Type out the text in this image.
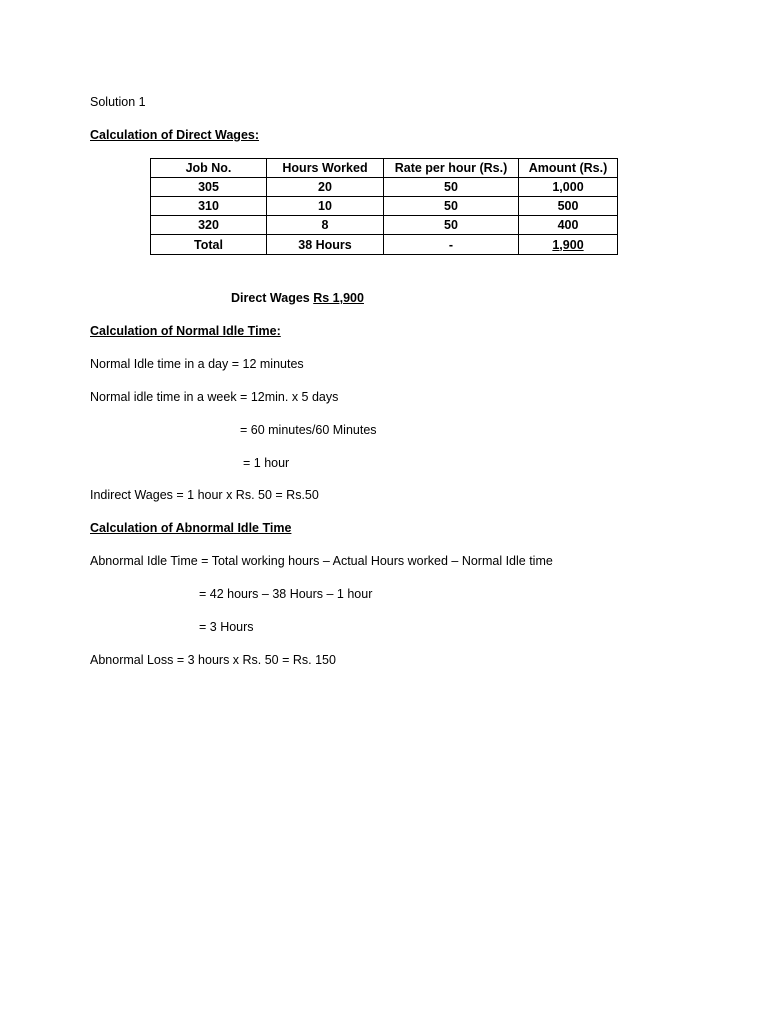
Solution 1
Calculation of Direct Wages:
Job No.	Hours Worked	Rate per hour (Rs.)	Amount (Rs.)
305	20	50	1,000
310	10	50	500
320	8	50	400
Total	38 Hours	-	1,900
Direct Wages Rs 1,900
Calculation of Normal Idle Time:
Normal Idle time in a day = 12 minutes
Normal idle time in a week = 12min. x 5 days
= 60 minutes/60 Minutes
= 1 hour
Indirect Wages = 1 hour x Rs. 50 = Rs.50
Calculation of Abnormal Idle Time
Abnormal Idle Time = Total working hours – Actual Hours worked – Normal Idle time
= 42 hours – 38 Hours – 1 hour
= 3 Hours
Abnormal Loss = 3 hours x Rs. 50 = Rs. 150
